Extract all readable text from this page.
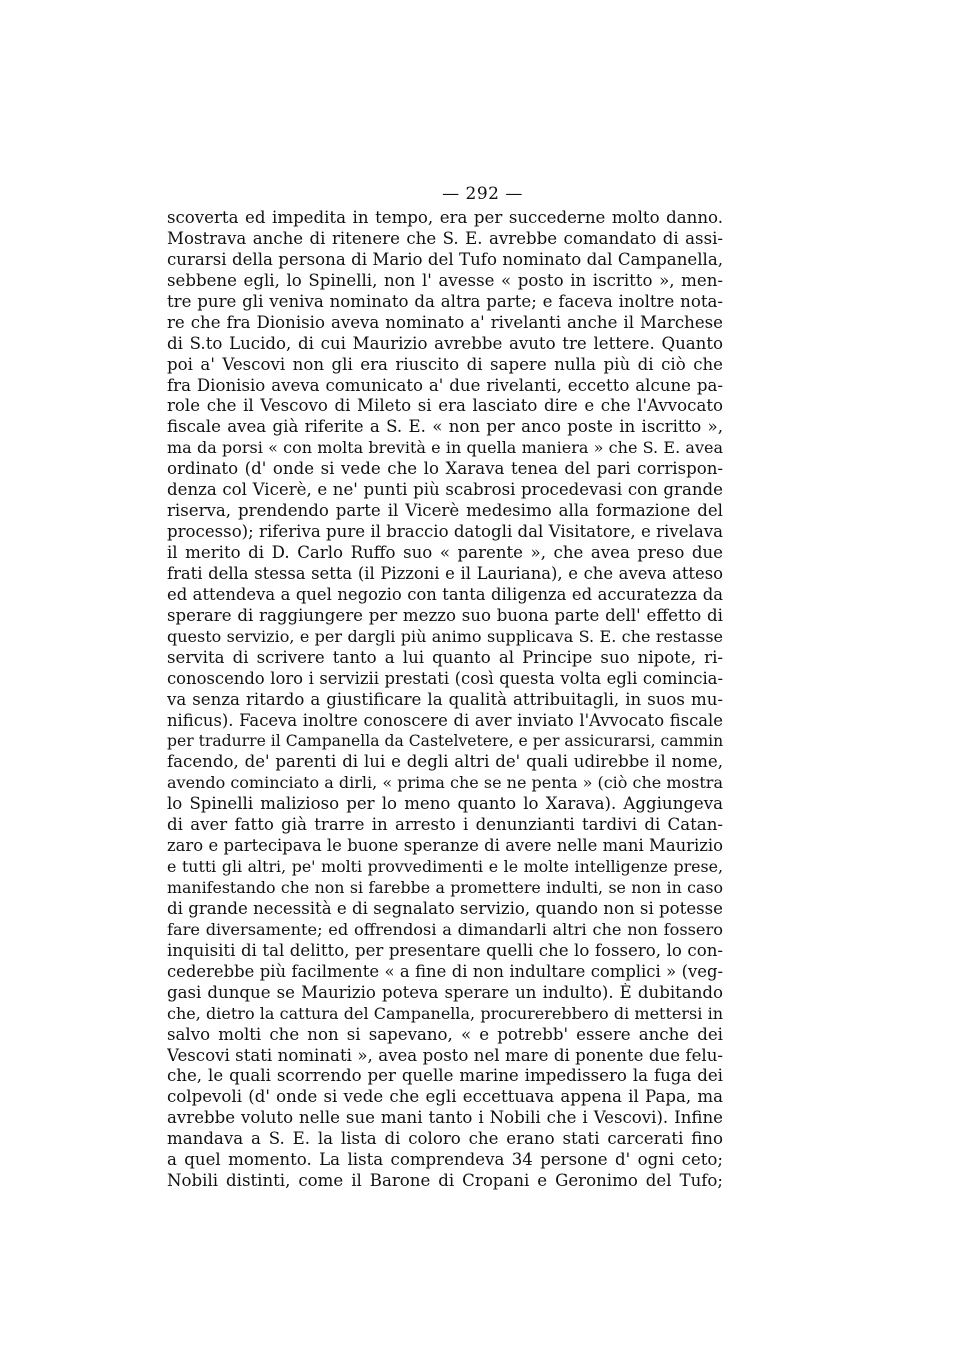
— 292 —
scoverta ed impedita in tempo, era per succederne molto danno.
Mostrava anche di ritenere che S. E. avrebbe comandato di assi-
curarsi della persona di Mario del Tufo nominato dal Campanella,
sebbene egli, lo Spinelli, non l' avesse « posto in iscritto », men-
tre pure gli veniva nominato da altra parte; e faceva inoltre nota-
re che fra Dionisio aveva nominato a' rivelanti anche il Marchese
di S.to Lucido, di cui Maurizio avrebbe avuto tre lettere. Quanto
poi a' Vescovi non gli era riuscito di sapere nulla più di ciò che
fra Dionisio aveva comunicato a' due rivelanti, eccetto alcune pa-
role che il Vescovo di Mileto si era lasciato dire e che l'Avvocato
fiscale avea già riferite a S. E. « non per anco poste in iscritto »,
ma da porsi « con molta brevità e in quella maniera » che S. E. avea
ordinato (d' onde si vede che lo Xarava tenea del pari corrispon-
denza col Vicerè, e ne' punti più scabrosi procedevasi con grande
riserva, prendendo parte il Vicerè medesimo alla formazione del
processo); riferiva pure il braccio datogli dal Visitatore, e rivelava
il merito di D. Carlo Ruffo suo « parente », che avea preso due
frati della stessa setta (il Pizzoni e il Lauriana), e che aveva atteso
ed attendeva a quel negozio con tanta diligenza ed accuratezza da
sperare di raggiungere per mezzo suo buona parte dell' effetto di
questo servizio, e per dargli più animo supplicava S. E. che restasse
servita di scrivere tanto a lui quanto al Principe suo nipote, ri-
conoscendo loro i servizii prestati (così questa volta egli comincia-
va senza ritardo a giustificare la qualità attribuitagli, in suos mu-
nificus). Faceva inoltre conoscere di aver inviato l'Avvocato fiscale
per tradurre il Campanella da Castelvetere, e per assicurarsi, cammin
facendo, de' parenti di lui e degli altri de' quali udirebbe il nome,
avendo cominciato a dirli, « prima che se ne penta » (ciò che mostra
lo Spinelli malizioso per lo meno quanto lo Xarava). Aggiungeva
di aver fatto già trarre in arresto i denunzianti tardivi di Catan-
zaro e partecipava le buone speranze di avere nelle mani Maurizio
e tutti gli altri, pe' molti provvedimenti e le molte intelligenze prese,
manifestando che non si farebbe a promettere indulti, se non in caso
di grande necessità e di segnalato servizio, quando non si potesse
fare diversamente; ed offrendosi a dimandarli altri che non fossero
inquisiti di tal delitto, per presentare quelli che lo fossero, lo con-
cederebbe più facilmente « a fine di non indultare complici » (veg-
gasi dunque se Maurizio poteva sperare un indulto). È dubitando
che, dietro la cattura del Campanella, procurerebbero di mettersi in
salvo molti che non si sapevano, « e potrebb' essere anche dei
Vescovi stati nominati », avea posto nel mare di ponente due felu-
che, le quali scorrendo per quelle marine impedissero la fuga dei
colpevoli (d' onde si vede che egli eccettuava appena il Papa, ma
avrebbe voluto nelle sue mani tanto i Nobili che i Vescovi). Infine
mandava a S. E. la lista di coloro che erano stati carcerati fino
a quel momento. La lista comprendeva 34 persone d' ogni ceto;
Nobili distinti, come il Barone di Cropani e Geronimo del Tufo;
